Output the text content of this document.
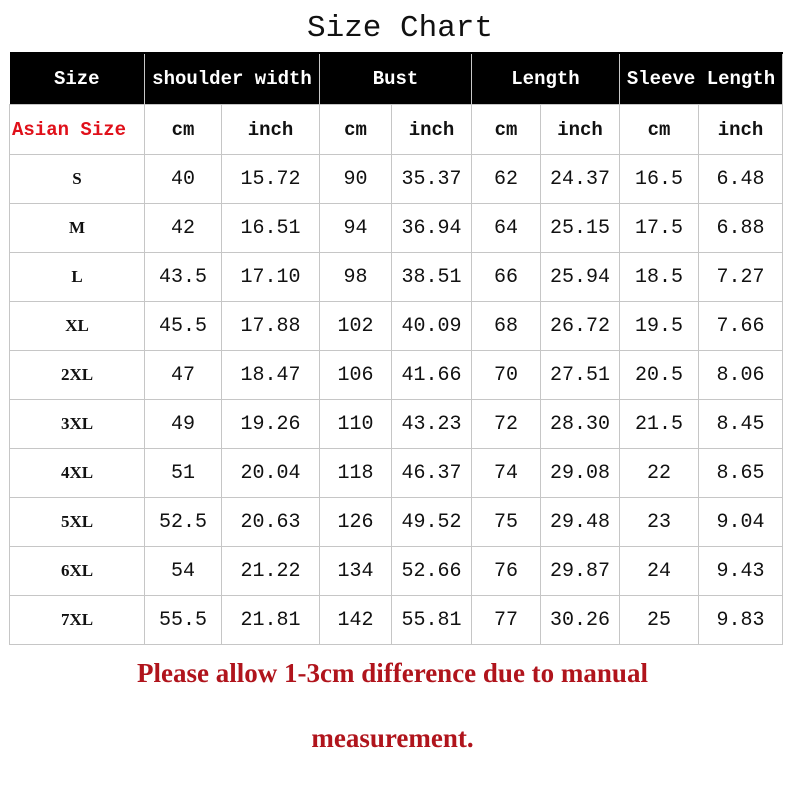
Size Chart
Size	shoulder width		Bust		Length		Sleeve Length	
Asian Size	cm	inch	cm	inch	cm	inch	cm	inch
S	40	15.72	90	35.37	62	24.37	16.5	6.48
M	42	16.51	94	36.94	64	25.15	17.5	6.88
L	43.5	17.10	98	38.51	66	25.94	18.5	7.27
XL	45.5	17.88	102	40.09	68	26.72	19.5	7.66
2XL	47	18.47	106	41.66	70	27.51	20.5	8.06
3XL	49	19.26	110	43.23	72	28.30	21.5	8.45
4XL	51	20.04	118	46.37	74	29.08	22	8.65
5XL	52.5	20.63	126	49.52	75	29.48	23	9.04
6XL	54	21.22	134	52.66	76	29.87	24	9.43
7XL	55.5	21.81	142	55.81	77	30.26	25	9.83
Please allow 1-3cm difference due to manual
measurement.
